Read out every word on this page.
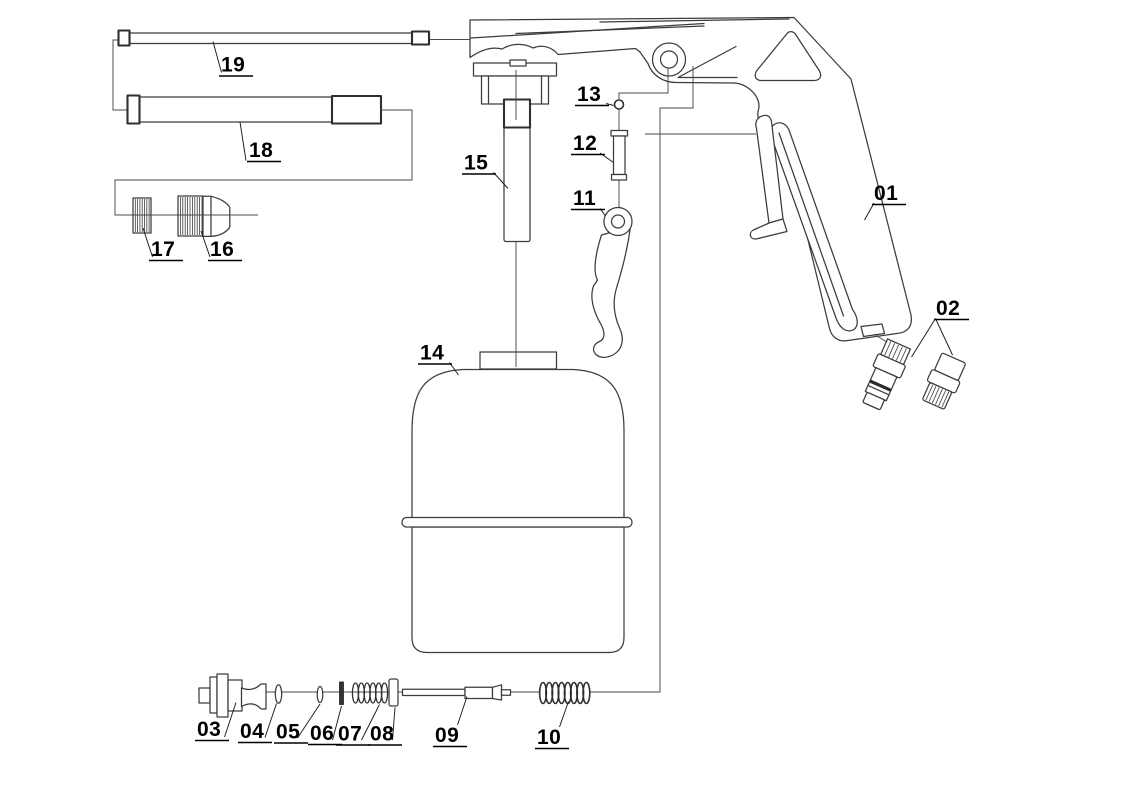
01
02
03 04 05 06 07 08 09	10
11
12
13
14
15
16
17
18
19
